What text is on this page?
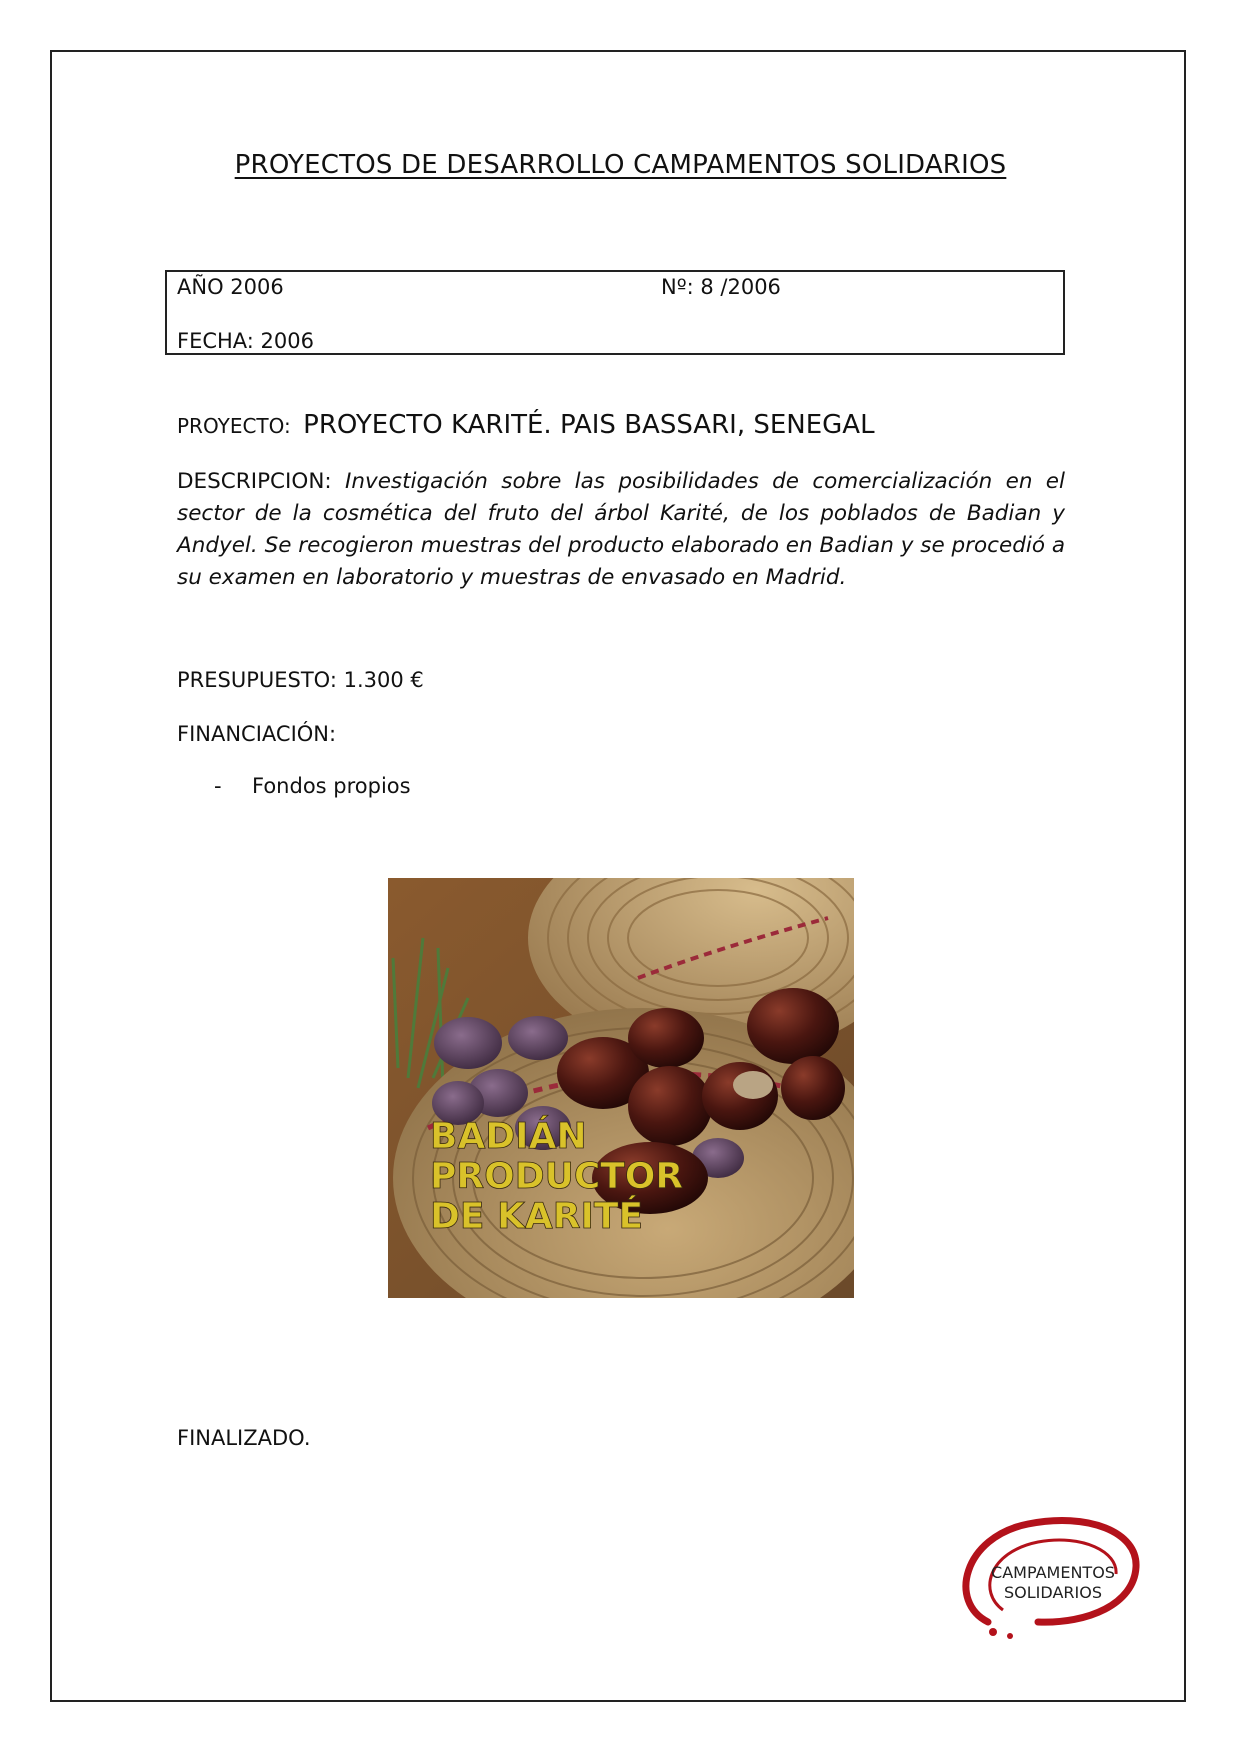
PROYECTOS DE DESARROLLO CAMPAMENTOS SOLIDARIOS
AÑO 2006	Nº: 8 /2006
FECHA: 2006
PROYECTO: PROYECTO KARITÉ. PAIS BASSARI, SENEGAL
DESCRIPCION: Investigación sobre las posibilidades de comercialización en el sector de la cosmética del fruto del árbol Karité, de los poblados de Badian y Andyel. Se recogieron muestras del producto elaborado en Badian y se procedió a su examen en laboratorio y muestras de envasado en Madrid.
PRESUPUESTO: 1.300 €
FINANCIACIÓN:
- Fondos propios
BADIÁN
PRODUCTOR
DE KARITÉ
FINALIZADO.
CAMPAMENTOS
SOLIDARIOS
